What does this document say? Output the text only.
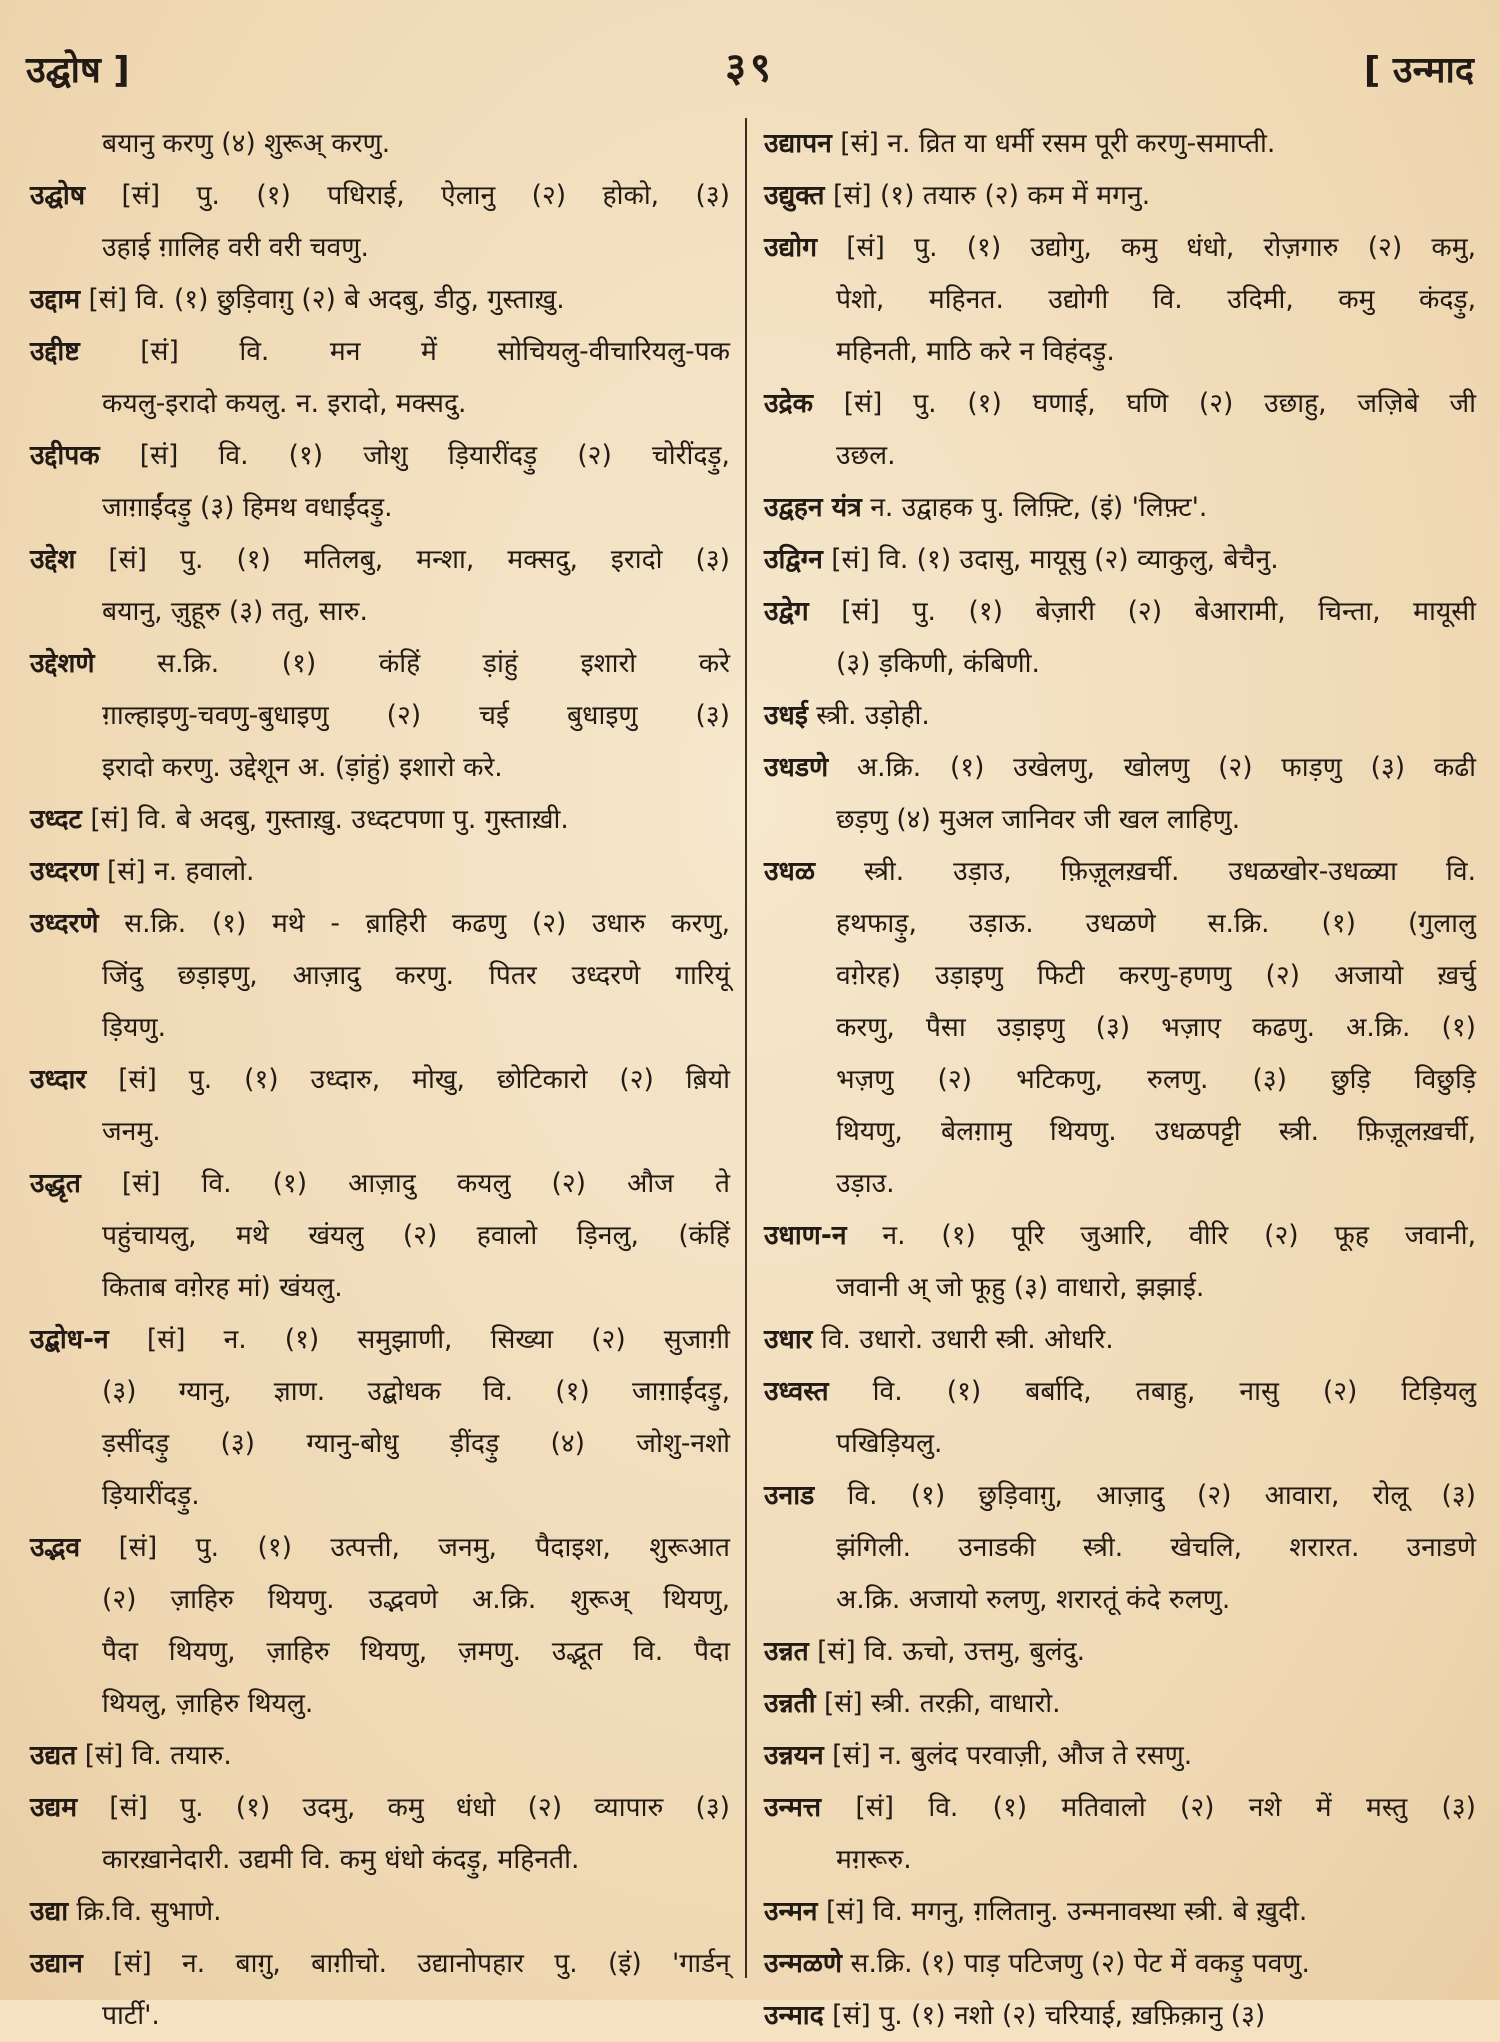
उद्घोष ]	३९	[ उन्माद
बयानु करणु (४) शुरूअ् करणु.
उद्घोष [सं] पु. (१) पधिराई, ऐलानु (२) होको, (३)
उहाई ग़ालिह वरी वरी चवणु.
उद्दाम [सं] वि. (१) छुड़िवाग़ु (२) बे अदबु, डीठु, गुस्ताख़ु.
उद्दीष्ट [सं] वि. मन में सोचियलु-वीचारियलु-पक
कयलु-इरादो कयलु. न. इरादो, मक्सदु.
उद्दीपक [सं] वि. (१) जोशु ड़ियारींदड़ु (२) चोरींदड़ु,
जाग़ाईंदड़ु (३) हिमथ वधाईंदड़ु.
उद्देश [सं] पु. (१) मतिलबु, मन्शा, मक्सदु, इरादो (३)
बयानु, ज़ुहूरु (३) ततु, सारु.
उद्देशणे स.क्रि. (१) कंहिं ड़ांहुं इशारो करे
ग़ाल्हाइणु-चवणु-बुधाइणु (२) चई बुधाइणु (३)
इरादो करणु. उद्देशून अ. (ड़ांहुं) इशारो करे.
उध्दट [सं] वि. बे अदबु, गुस्ताख़ु. उध्दटपणा पु. गुस्ताख़ी.
उध्दरण [सं] न. हवालो.
उध्दरणे स.क्रि. (१) मथे - ब़ाहिरी कढणु (२) उधारु करणु,
जिंदु छड़ाइणु, आज़ादु करणु. पितर उध्दरणे गारियूं
ड़ियणु.
उध्दार [सं] पु. (१) उध्दारु, मोखु, छोटिकारो (२) ब़ियो
जनमु.
उद्धृत [सं] वि. (१) आज़ादु कयलु (२) औज ते
पहुंचायलु, मथे खंयलु (२) हवालो ड़िनलु, (कंहिं
किताब वग़ेरह मां) खंयलु.
उद्बोध-न [सं] न. (१) समुझाणी, सिख्या (२) सुजाग़ी
(३) ग्यानु, ज्ञाण. उद्बोधक वि. (१) जाग़ाईंदड़ु,
ड़सींदड़ु (३) ग्यानु-बोधु ड़ींदड़ु (४) जोशु-नशो
ड़ियारींदड़ु.
उद्भव [सं] पु. (१) उत्पत्ती, जनमु, पैदाइश, शुरूआत
(२) ज़ाहिरु थियणु. उद्भवणे अ.क्रि. शुरूअ् थियणु,
पैदा थियणु, ज़ाहिरु थियणु, ज़मणु. उद्भूत वि. पैदा
थियलु, ज़ाहिरु थियलु.
उद्यत [सं] वि. तयारु.
उद्यम [सं] पु. (१) उदमु, कमु धंधो (२) व्यापारु (३)
कारख़ानेदारी. उद्यमी वि. कमु धंधो कंदड़ु, महिनती.
उद्या क्रि.वि. सुभाणे.
उद्यान [सं] न. बाग़ु, बाग़ीचो. उद्यानोपहार पु. (इं) 'गार्डन्
पार्टी'.
उद्यापन [सं] न. व्रित या धर्मी रसम पूरी करणु-समाप्ती.
उद्युक्त [सं] (१) तयारु (२) कम में मगनु.
उद्योग [सं] पु. (१) उद्योगु, कमु धंधो, रोज़गारु (२) कमु,
पेशो, महिनत. उद्योगी वि. उदिमी, कमु कंदड़ु,
महिनती, माठि करे न विहंदड़ु.
उद्रेक [सं] पु. (१) घणाई, घणि (२) उछाहु, जज़िबे जी
उछल.
उद्वहन यंत्र न. उद्वाहक पु. लिफ़्टि, (इं) 'लिफ़्ट'.
उद्विग्न [सं] वि. (१) उदासु, मायूसु (२) व्याकुलु, बेचैनु.
उद्वेग [सं] पु. (१) बेज़ारी (२) बेआरामी, चिन्ता, मायूसी
(३) ड़किणी, कंबिणी.
उधई स्त्री. उड़ोही.
उधडणे अ.क्रि. (१) उखेलणु, खोलणु (२) फाड़णु (३) कढी
छड़णु (४) मुअल जानिवर जी खल लाहिणु.
उधळ स्त्री. उड़ाउ, फ़िज़ूलख़र्ची. उधळखोर-उधळ्या वि.
हथफाड़ु, उड़ाऊ. उधळणे स.क्रि. (१) (गुलालु
वग़ेरह) उड़ाइणु फिटी करणु-हणणु (२) अजायो ख़र्चु
करणु, पैसा उड़ाइणु (३) भज़ाए कढणु. अ.क्रि. (१)
भज़णु (२) भटिकणु, रुलणु. (३) छुड़ि विछुड़ि
थियणु, बेलग़ामु थियणु. उधळपट्टी स्त्री. फ़िज़ूलख़र्ची,
उड़ाउ.
उधाण-न न. (१) पूरि जुआरि, वीरि (२) फूह जवानी,
जवानी अ् जो फूहु (३) वाधारो, झझाई.
उधार वि. उधारो. उधारी स्त्री. ओधरि.
उध्वस्त वि. (१) बर्बादि, तबाहु, नासु (२) टिड़ियलु
पखिड़ियलु.
उनाड वि. (१) छुड़िवाग़ु, आज़ादु (२) आवारा, रोलू (३)
झंगिली. उनाडकी स्त्री. खेचलि, शरारत. उनाडणे
अ.क्रि. अजायो रुलणु, शरारतूं कंदे रुलणु.
उन्नत [सं] वि. ऊचो, उत्तमु, बुलंदु.
उन्नती [सं] स्त्री. तरक़ी, वाधारो.
उन्नयन [सं] न. बुलंद परवाज़ी, औज ते रसणु.
उन्मत्त [सं] वि. (१) मतिवालो (२) नशे में मस्तु (३)
मग़रूरु.
उन्मन [सं] वि. मगनु, ग़लितानु. उन्मनावस्था स्त्री. बे ख़ुदी.
उन्मळणे स.क्रि. (१) पाड़ पटिजणु (२) पेट में वकड़ु पवणु.
उन्माद [सं] पु. (१) नशो (२) चरियाई, ख़फ़िक़ानु (३)
